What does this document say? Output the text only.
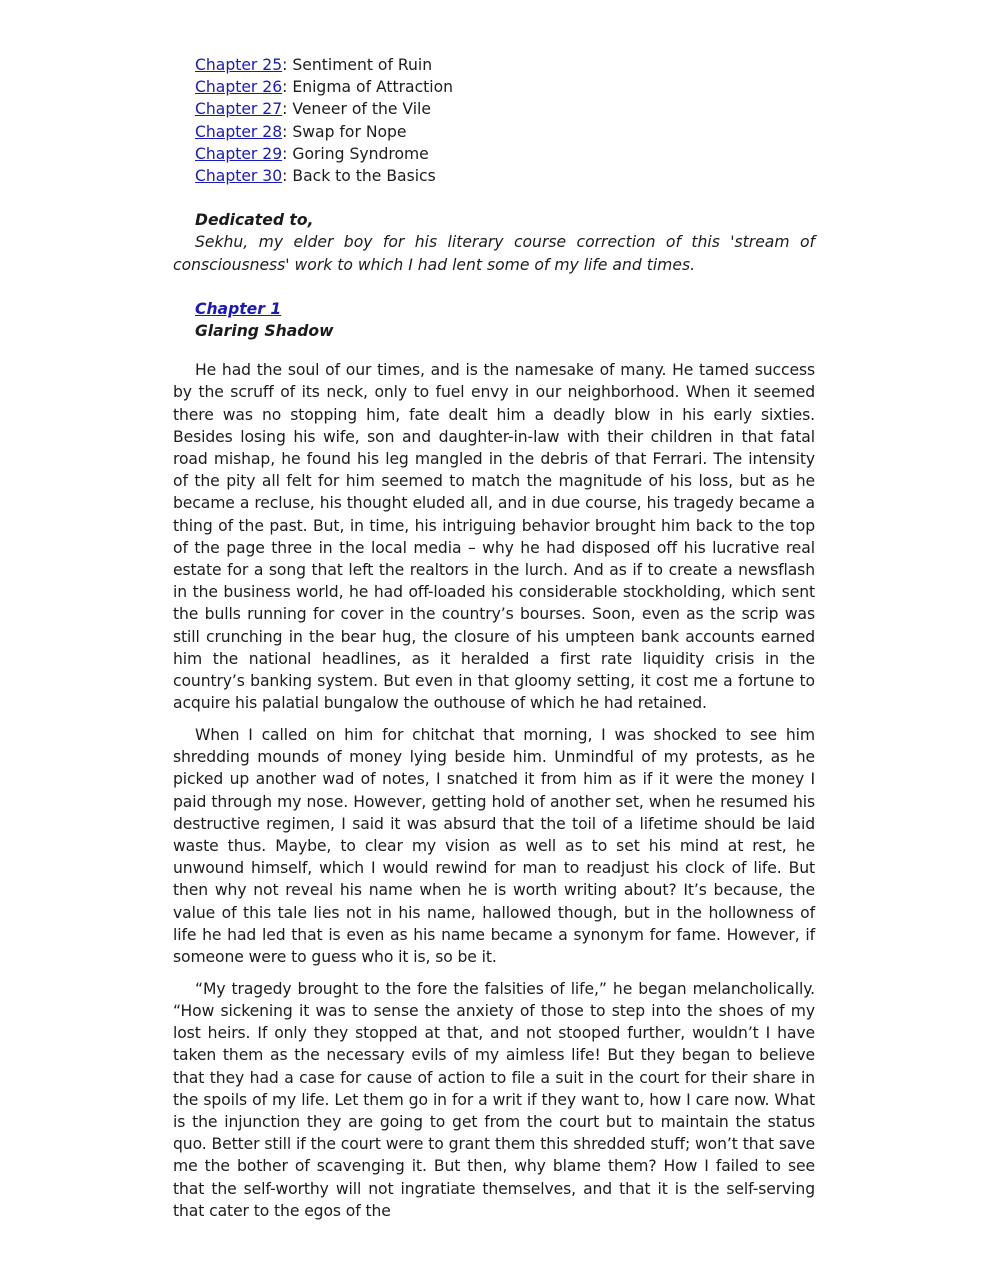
Chapter 25: Sentiment of Ruin
Chapter 26: Enigma of Attraction
Chapter 27: Veneer of the Vile
Chapter 28: Swap for Nope
Chapter 29: Goring Syndrome
Chapter 30: Back to the Basics
Dedicated to,

Sekhu, my elder boy for his literary course correction of this 'stream of consciousness' work to which I had lent some of my life and times.

Chapter 1
Glaring Shadow

He had the soul of our times, and is the namesake of many. He tamed success by the scruff of its neck, only to fuel envy in our neighborhood. When it seemed there was no stopping him, fate dealt him a deadly blow in his early sixties. Besides losing his wife, son and daughter-in-law with their children in that fatal road mishap, he found his leg mangled in the debris of that Ferrari. The intensity of the pity all felt for him seemed to match the magnitude of his loss, but as he became a recluse, his thought eluded all, and in due course, his tragedy became a thing of the past. But, in time, his intriguing behavior brought him back to the top of the page three in the local media – why he had disposed off his lucrative real estate for a song that left the realtors in the lurch. And as if to create a newsflash in the business world, he had off-loaded his considerable stockholding, which sent the bulls running for cover in the country’s bourses. Soon, even as the scrip was still crunching in the bear hug, the closure of his umpteen bank accounts earned him the national headlines, as it heralded a first rate liquidity crisis in the country’s banking system. But even in that gloomy setting, it cost me a fortune to acquire his palatial bungalow the outhouse of which he had retained.

When I called on him for chitchat that morning, I was shocked to see him shredding mounds of money lying beside him. Unmindful of my protests, as he picked up another wad of notes, I snatched it from him as if it were the money I paid through my nose. However, getting hold of another set, when he resumed his destructive regimen, I said it was absurd that the toil of a lifetime should be laid waste thus. Maybe, to clear my vision as well as to set his mind at rest, he unwound himself, which I would rewind for man to readjust his clock of life. But then why not reveal his name when he is worth writing about? It’s because, the value of this tale lies not in his name, hallowed though, but in the hollowness of life he had led that is even as his name became a synonym for fame. However, if someone were to guess who it is, so be it.

“My tragedy brought to the fore the falsities of life,” he began melancholically. “How sickening it was to sense the anxiety of those to step into the shoes of my lost heirs. If only they stopped at that, and not stooped further, wouldn’t I have taken them as the necessary evils of my aimless life! But they began to believe that they had a case for cause of action to file a suit in the court for their share in the spoils of my life. Let them go in for a writ if they want to, how I care now. What is the injunction they are going to get from the court but to maintain the status quo. Better still if the court were to grant them this shredded stuff; won’t that save me the bother of scavenging it. But then, why blame them? How I failed to see that the self-worthy will not ingratiate themselves, and that it is the self-serving that cater to the egos of the
